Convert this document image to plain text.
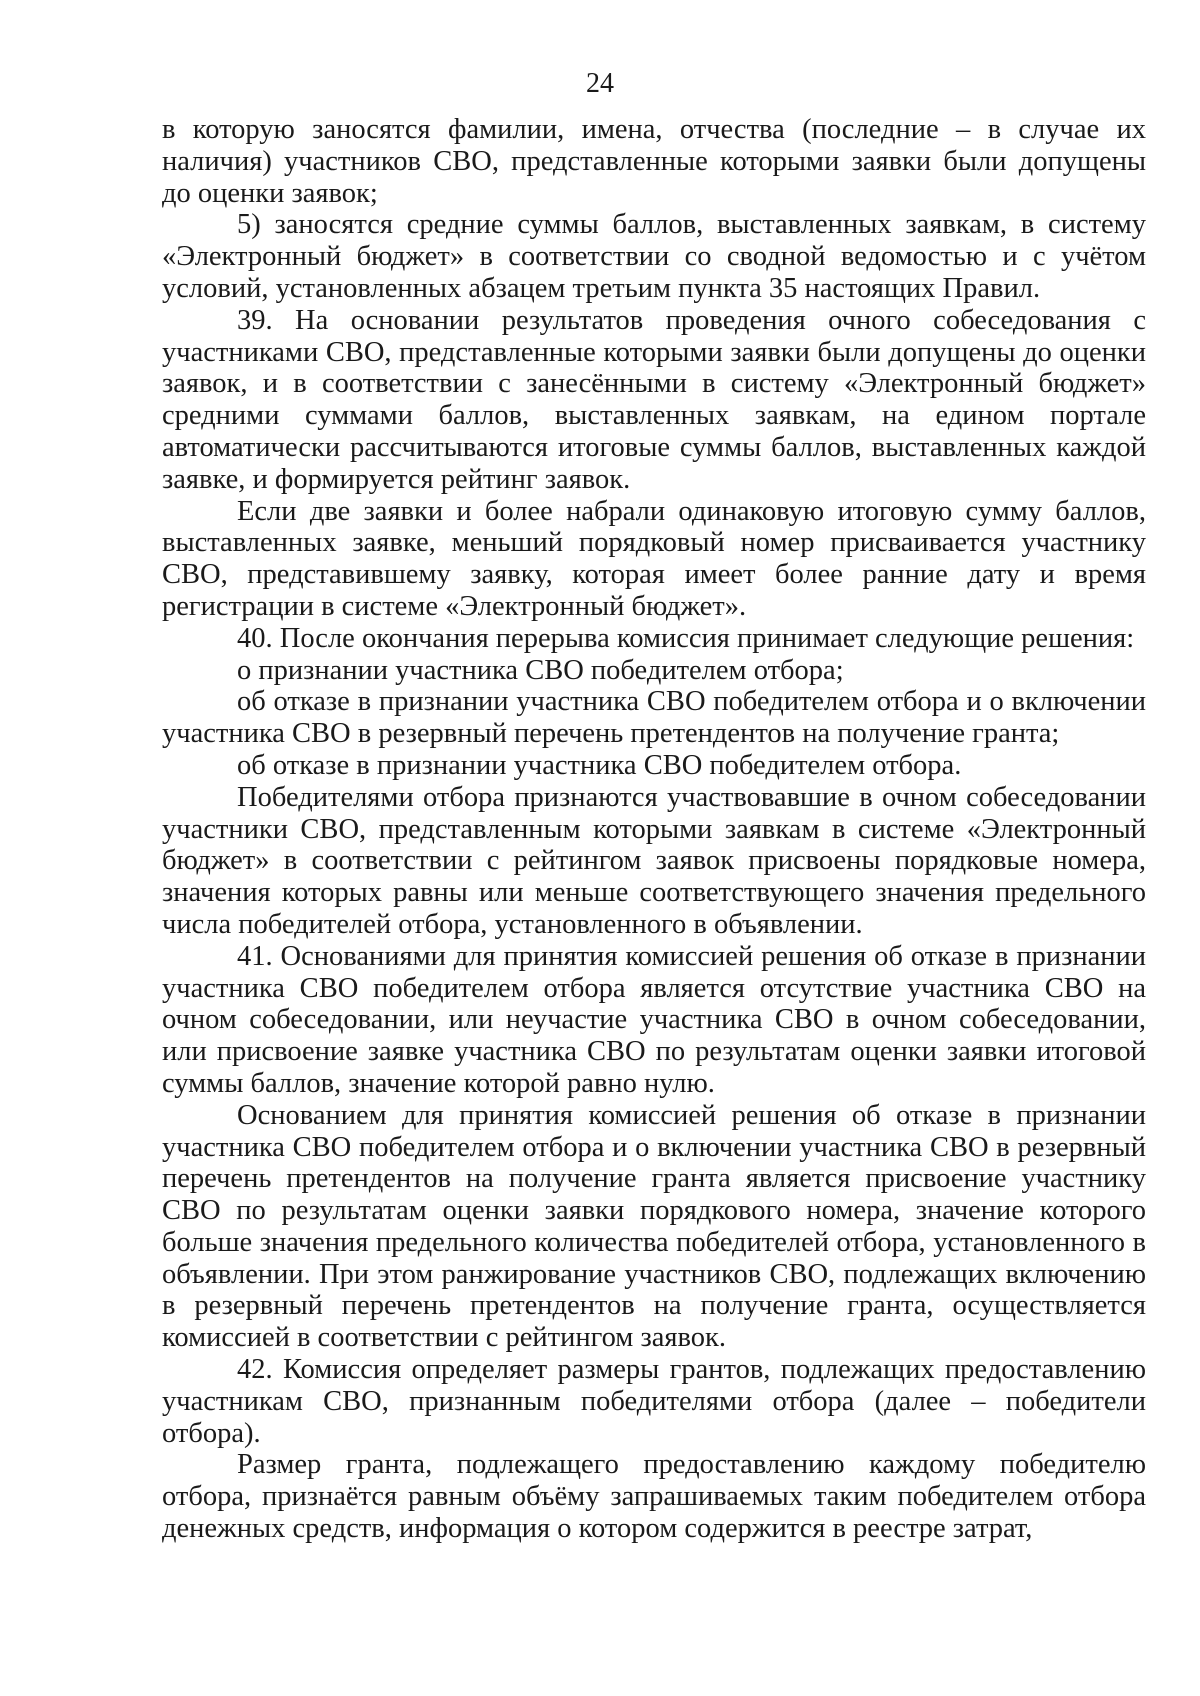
24

в которую заносятся фамилии, имена, отчества (последние – в случае их наличия) участников СВО, представленные которыми заявки были допущены до оценки заявок;

5) заносятся средние суммы баллов, выставленных заявкам, в систему «Электронный бюджет» в соответствии со сводной ведомостью и с учётом условий, установленных абзацем третьим пункта 35 настоящих Правил.

39. На основании результатов проведения очного собеседования с участниками СВО, представленные которыми заявки были допущены до оценки заявок, и в соответствии с занесёнными в систему «Электронный бюджет» средними суммами баллов, выставленных заявкам, на едином портале автоматически рассчитываются итоговые суммы баллов, выставленных каждой заявке, и формируется рейтинг заявок.

Если две заявки и более набрали одинаковую итоговую сумму баллов, выставленных заявке, меньший порядковый номер присваивается участнику СВО, представившему заявку, которая имеет более ранние дату и время регистрации в системе «Электронный бюджет».

40. После окончания перерыва комиссия принимает следующие решения:

о признании участника СВО победителем отбора;

об отказе в признании участника СВО победителем отбора и о включении участника СВО в резервный перечень претендентов на получение гранта;

об отказе в признании участника СВО победителем отбора.

Победителями отбора признаются участвовавшие в очном собеседовании участники СВО, представленным которыми заявкам в системе «Электронный бюджет» в соответствии с рейтингом заявок присвоены порядковые номера, значения которых равны или меньше соответствующего значения предельного числа победителей отбора, установленного в объявлении.

41. Основаниями для принятия комиссией решения об отказе в признании участника СВО победителем отбора является отсутствие участника СВО на очном собеседовании, или неучастие участника СВО в очном собеседовании, или присвоение заявке участника СВО по результатам оценки заявки итоговой суммы баллов, значение которой равно нулю.

Основанием для принятия комиссией решения об отказе в признании участника СВО победителем отбора и о включении участника СВО в резервный перечень претендентов на получение гранта является присвоение участнику СВО по результатам оценки заявки порядкового номера, значение которого больше значения предельного количества победителей отбора, установленного в объявлении. При этом ранжирование участников СВО, подлежащих включению в резервный перечень претендентов на получение гранта, осуществляется комиссией в соответствии с рейтингом заявок.

42. Комиссия определяет размеры грантов, подлежащих предоставлению участникам СВО, признанным победителями отбора (далее – победители отбора).

Размер гранта, подлежащего предоставлению каждому победителю отбора, признаётся равным объёму запрашиваемых таким победителем отбора денежных средств, информация о котором содержится в реестре затрат,
